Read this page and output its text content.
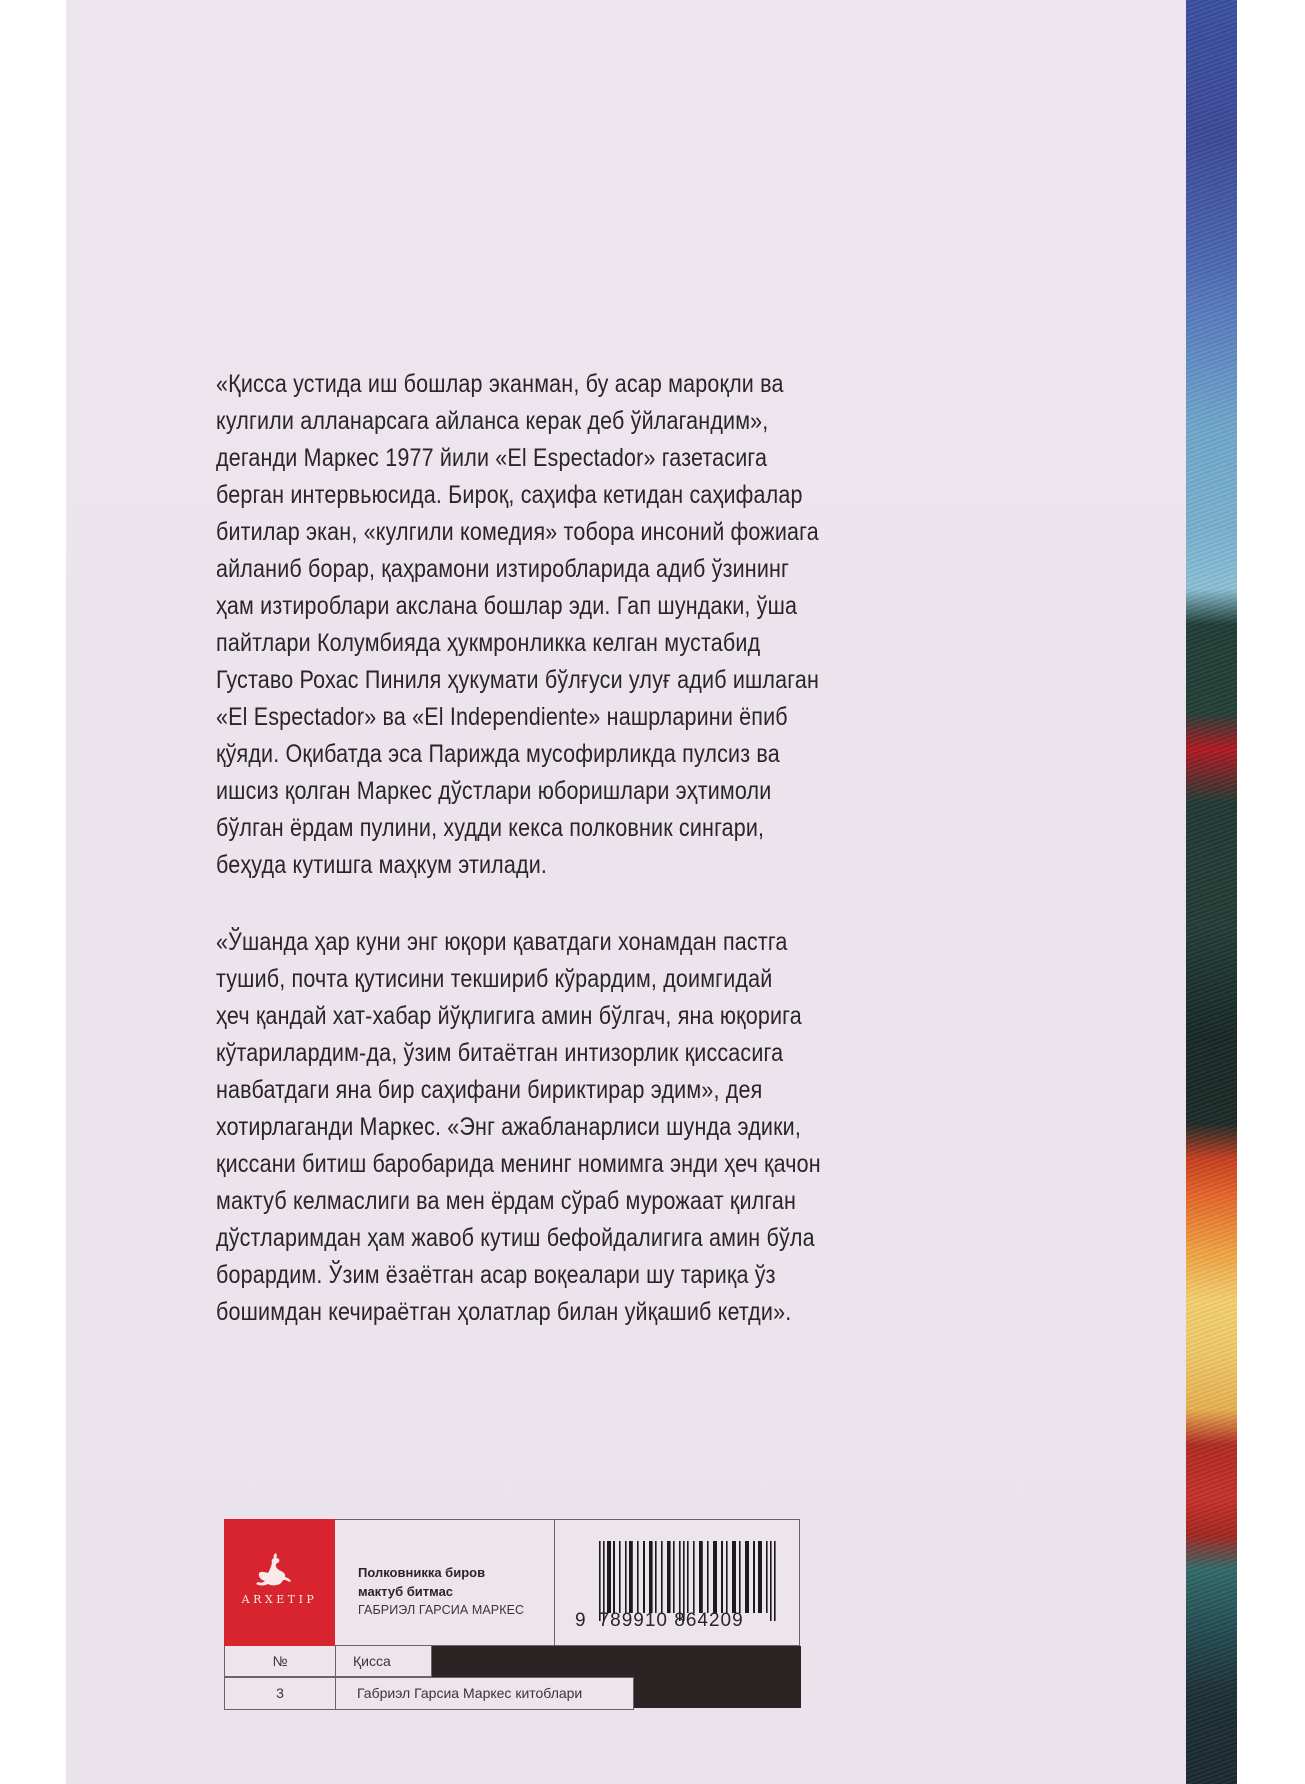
«Қисса устида иш бошлар эканман, бу асар мароқли ва
кулгили алланарсага айланса керак деб ўйлагандим»,
деганди Маркес 1977 йили «El Espectador» газетасига
берган интервьюсида. Бироқ, саҳифа кетидан саҳифалар
битилар экан, «кулгили комедия» тобора инсоний фожиага
айланиб борар, қаҳрамони изтиробларида адиб ўзининг
ҳам изтироблари акслана бошлар эди. Гап шундаки, ўша
пайтлари Колумбияда ҳукмронликка келган мустабид
Густаво Рохас Пиниля ҳукумати бўлғуси улуғ адиб ишлаган
«El Espectador» ва «El Independiente» нашрларини ёпиб
қўяди. Оқибатда эса Парижда мусофирликда пулсиз ва
ишсиз қолган Маркес дўстлари юборишлари эҳтимоли
бўлган ёрдам пулини, худди кекса полковник сингари,
беҳуда кутишга маҳкум этилади.
«Ўшанда ҳар куни энг юқори қаватдаги хонамдан пастга
тушиб, почта қутисини текшириб кўрардим, доимгидай
ҳеч қандай хат-хабар йўқлигига амин бўлгач, яна юқорига
кўтарилардим-да, ўзим битаётган интизорлик қиссасига
навбатдаги яна бир саҳифани бириктирар эдим», дея
хотирлаганди Маркес. «Энг ажабланарлиси шунда эдики,
қиссани битиш баробарида менинг номимга энди ҳеч қачон
мактуб келмаслиги ва мен ёрдам сўраб мурожаат қилган
дўстларимдан ҳам жавоб кутиш бефойдалигига амин бўла
борардим. Ўзим ёзаётган асар воқеалари шу тариқа ўз
бошимдан кечираётган ҳолатлар билан уйқашиб кетди».
Полковникка биров
мактуб битмас
ГАБРИЭЛ ГАРСИА МАРКЕС	9 789910 864209
ARXETIP
№	Қисса
3	Габриэл Гарсиа Маркес китоблари
